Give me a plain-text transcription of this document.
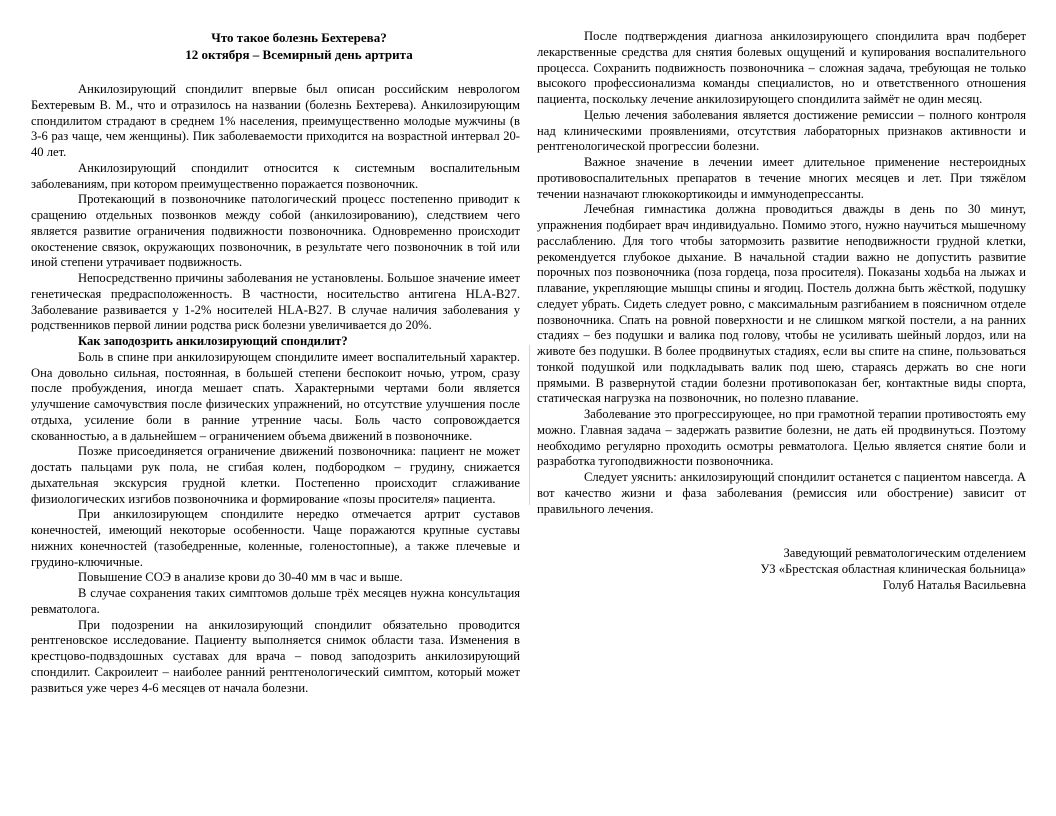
Что такое болезнь Бехтерева?

12 октября – Всемирный день артрита

Анкилозирующий спондилит впервые был описан российским неврологом Бехтеревым В. М., что и отразилось на названии (болезнь Бехтерева). Анкилозирующим спондилитом страдают в среднем 1% населения, преимущественно молодые мужчины (в 3-6 раз чаще, чем женщины). Пик заболеваемости приходится на возрастной интервал 20-40 лет.

Анкилозирующий спондилит относится к системным воспалительным заболеваниям, при котором преимущественно поражается позвоночник.

Протекающий в позвоночнике патологический процесс постепенно приводит к сращению отдельных позвонков между собой (анкилозированию), следствием чего является развитие ограничения подвижности позвоночника. Одновременно происходит окостенение связок, окружающих позвоночник, в результате чего позвоночник в той или иной степени утрачивает подвижность.

Непосредственно причины заболевания не установлены. Большое значение имеет генетическая предрасположенность. В частности, носительство антигена HLA-B27. Заболевание развивается у 1-2% носителей HLA-B27. В случае наличия заболевания у родственников первой линии родства риск болезни увеличивается до 20%.

Как заподозрить анкилозирующий спондилит?

Боль в спине при анкилозирующем спондилите имеет воспалительный характер. Она довольно сильная, постоянная, в большей степени беспокоит ночью, утром, сразу после пробуждения, иногда мешает спать. Характерными чертами боли является улучшение самочувствия после физических упражнений, но отсутствие улучшения после отдыха, усиление боли в ранние утренние часы. Боль часто сопровождается скованностью, а в дальнейшем – ограничением объема движений в позвоночнике.

Позже присоединяется ограничение движений позвоночника: пациент не может достать пальцами рук пола, не сгибая колен, подбородком – грудину, снижается дыхательная экскурсия грудной клетки. Постепенно происходит сглаживание физиологических изгибов позвоночника и формирование «позы просителя» пациента.

При анкилозирующем спондилите нередко отмечается артрит суставов конечностей, имеющий некоторые особенности. Чаще поражаются крупные суставы нижних конечностей (тазобедренные, коленные, голеностопные), а также плечевые и грудино-ключичные.

Повышение СОЭ в анализе крови до 30-40 мм в час и выше.

В случае сохранения таких симптомов дольше трёх месяцев нужна консультация ревматолога.

При подозрении на анкилозирующий спондилит обязательно проводится рентгеновское исследование. Пациенту выполняется снимок области таза. Изменения в крестцово-подвздошных суставах для врача – повод заподозрить анкилозирующий спондилит. Сакроилеит – наиболее ранний рентгенологический симптом, который может развиться уже через 4-6 месяцев от начала болезни.

После подтверждения диагноза анкилозирующего спондилита врач подберет лекарственные средства для снятия болевых ощущений и купирования воспалительного процесса. Сохранить подвижность позвоночника – сложная задача, требующая не только высокого профессионализма команды специалистов, но и ответственного отношения пациента, поскольку лечение анкилозирующего спондилита займёт не один месяц.

Целью лечения заболевания является достижение ремиссии – полного контроля над клиническими проявлениями, отсутствия лабораторных признаков активности и рентгенологической прогрессии болезни.

Важное значение в лечении имеет длительное применение нестероидных противовоспалительных препаратов в течение многих месяцев и лет. При тяжёлом течении назначают глюкокортикоиды и иммунодепрессанты.

Лечебная гимнастика должна проводиться дважды в день по 30 минут, упражнения подбирает врач индивидуально. Помимо этого, нужно научиться мышечному расслаблению. Для того чтобы затормозить развитие неподвижности грудной клетки, рекомендуется глубокое дыхание. В начальной стадии важно не допустить развитие порочных поз позвоночника (поза гордеца, поза просителя). Показаны ходьба на лыжах и плавание, укрепляющие мышцы спины и ягодиц. Постель должна быть жёсткой, подушку следует убрать. Сидеть следует ровно, с максимальным разгибанием в поясничном отделе позвоночника. Спать на ровной поверхности и не слишком мягкой постели, а на ранних стадиях – без подушки и валика под голову, чтобы не усиливать шейный лордоз, или на животе без подушки. В более продвинутых стадиях, если вы спите на спине, пользоваться тонкой подушкой или подкладывать валик под шею, стараясь держать во сне ноги прямыми. В развернутой стадии болезни противопоказан бег, контактные виды спорта, статическая нагрузка на позвоночник, но полезно плавание.

Заболевание это прогрессирующее, но при грамотной терапии противостоять ему можно. Главная задача – задержать развитие болезни, не дать ей продвинуться. Поэтому необходимо регулярно проходить осмотры ревматолога. Целью является снятие боли и разработка тугоподвижности позвоночника.

Следует уяснить: анкилозирующий спондилит останется с пациентом навсегда. А вот качество жизни и фаза заболевания (ремиссия или обострение) зависит от правильного лечения.

Заведующий ревматологическим отделением

УЗ «Брестская областная клиническая больница»

Голуб Наталья Васильевна
